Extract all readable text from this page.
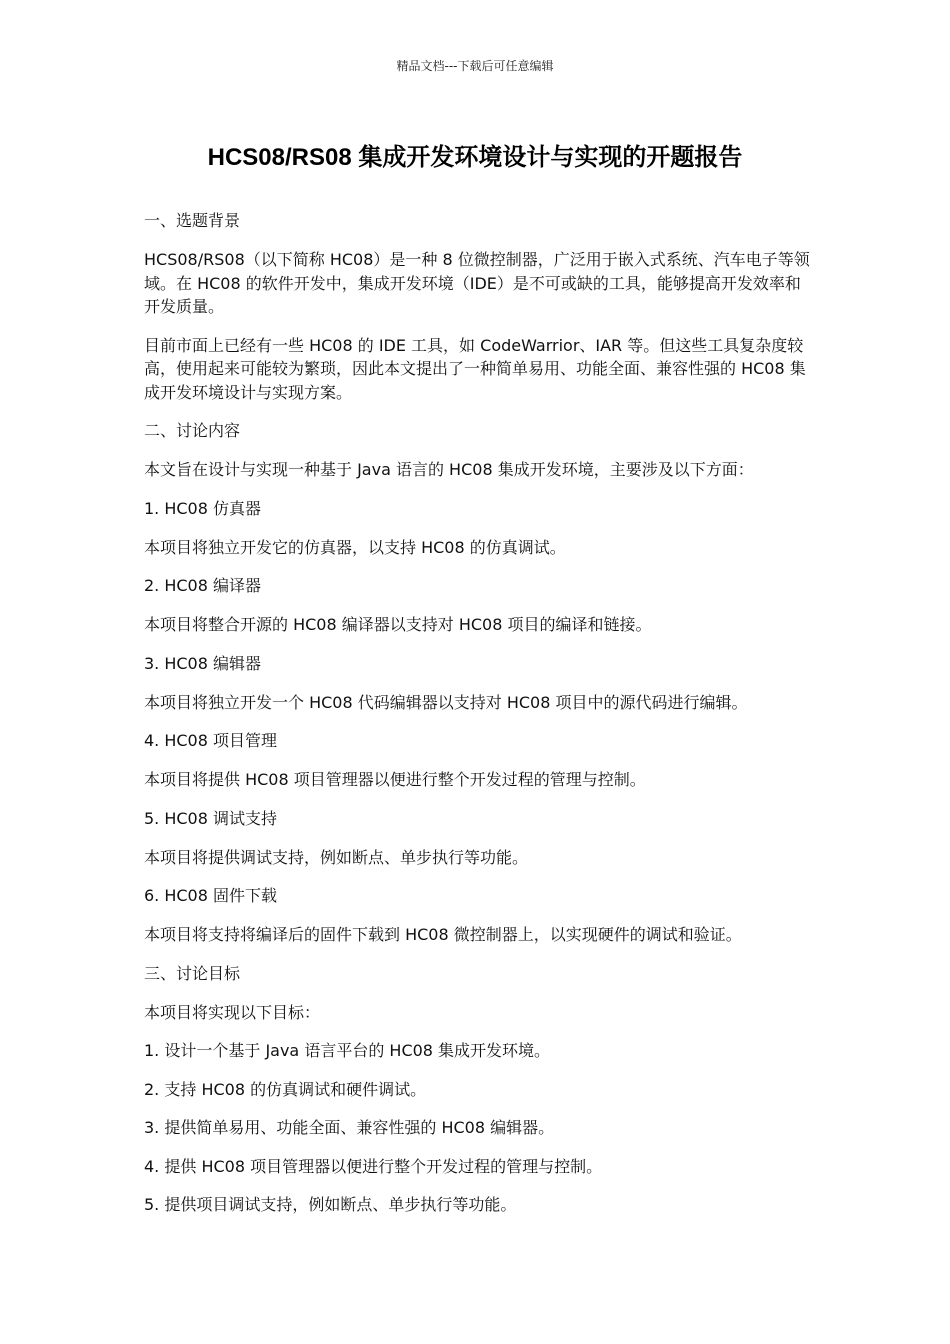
精品文档---下载后可任意编辑
HCS08/RS08 集成开发环境设计与实现的开题报告

一、选题背景

HCS08/RS08（以下简称 HC08）是一种 8 位微控制器，广泛用于嵌入式系统、汽车电子等领域。在 HC08 的软件开发中，集成开发环境（IDE）是不可或缺的工具，能够提高开发效率和开发质量。

目前市面上已经有一些 HC08 的 IDE 工具，如 CodeWarrior、IAR 等。但这些工具复杂度较高，使用起来可能较为繁琐，因此本文提出了一种简单易用、功能全面、兼容性强的 HC08 集成开发环境设计与实现方案。

二、讨论内容

本文旨在设计与实现一种基于 Java 语言的 HC08 集成开发环境，主要涉及以下方面：

1. HC08 仿真器

本项目将独立开发它的仿真器，以支持 HC08 的仿真调试。

2. HC08 编译器

本项目将整合开源的 HC08 编译器以支持对 HC08 项目的编译和链接。

3. HC08 编辑器

本项目将独立开发一个 HC08 代码编辑器以支持对 HC08 项目中的源代码进行编辑。

4. HC08 项目管理

本项目将提供 HC08 项目管理器以便进行整个开发过程的管理与控制。

5. HC08 调试支持

本项目将提供调试支持，例如断点、单步执行等功能。

6. HC08 固件下载

本项目将支持将编译后的固件下载到 HC08 微控制器上，以实现硬件的调试和验证。

三、讨论目标

本项目将实现以下目标：

1. 设计一个基于 Java 语言平台的 HC08 集成开发环境。

2. 支持 HC08 的仿真调试和硬件调试。

3. 提供简单易用、功能全面、兼容性强的 HC08 编辑器。

4. 提供 HC08 项目管理器以便进行整个开发过程的管理与控制。

5. 提供项目调试支持，例如断点、单步执行等功能。
